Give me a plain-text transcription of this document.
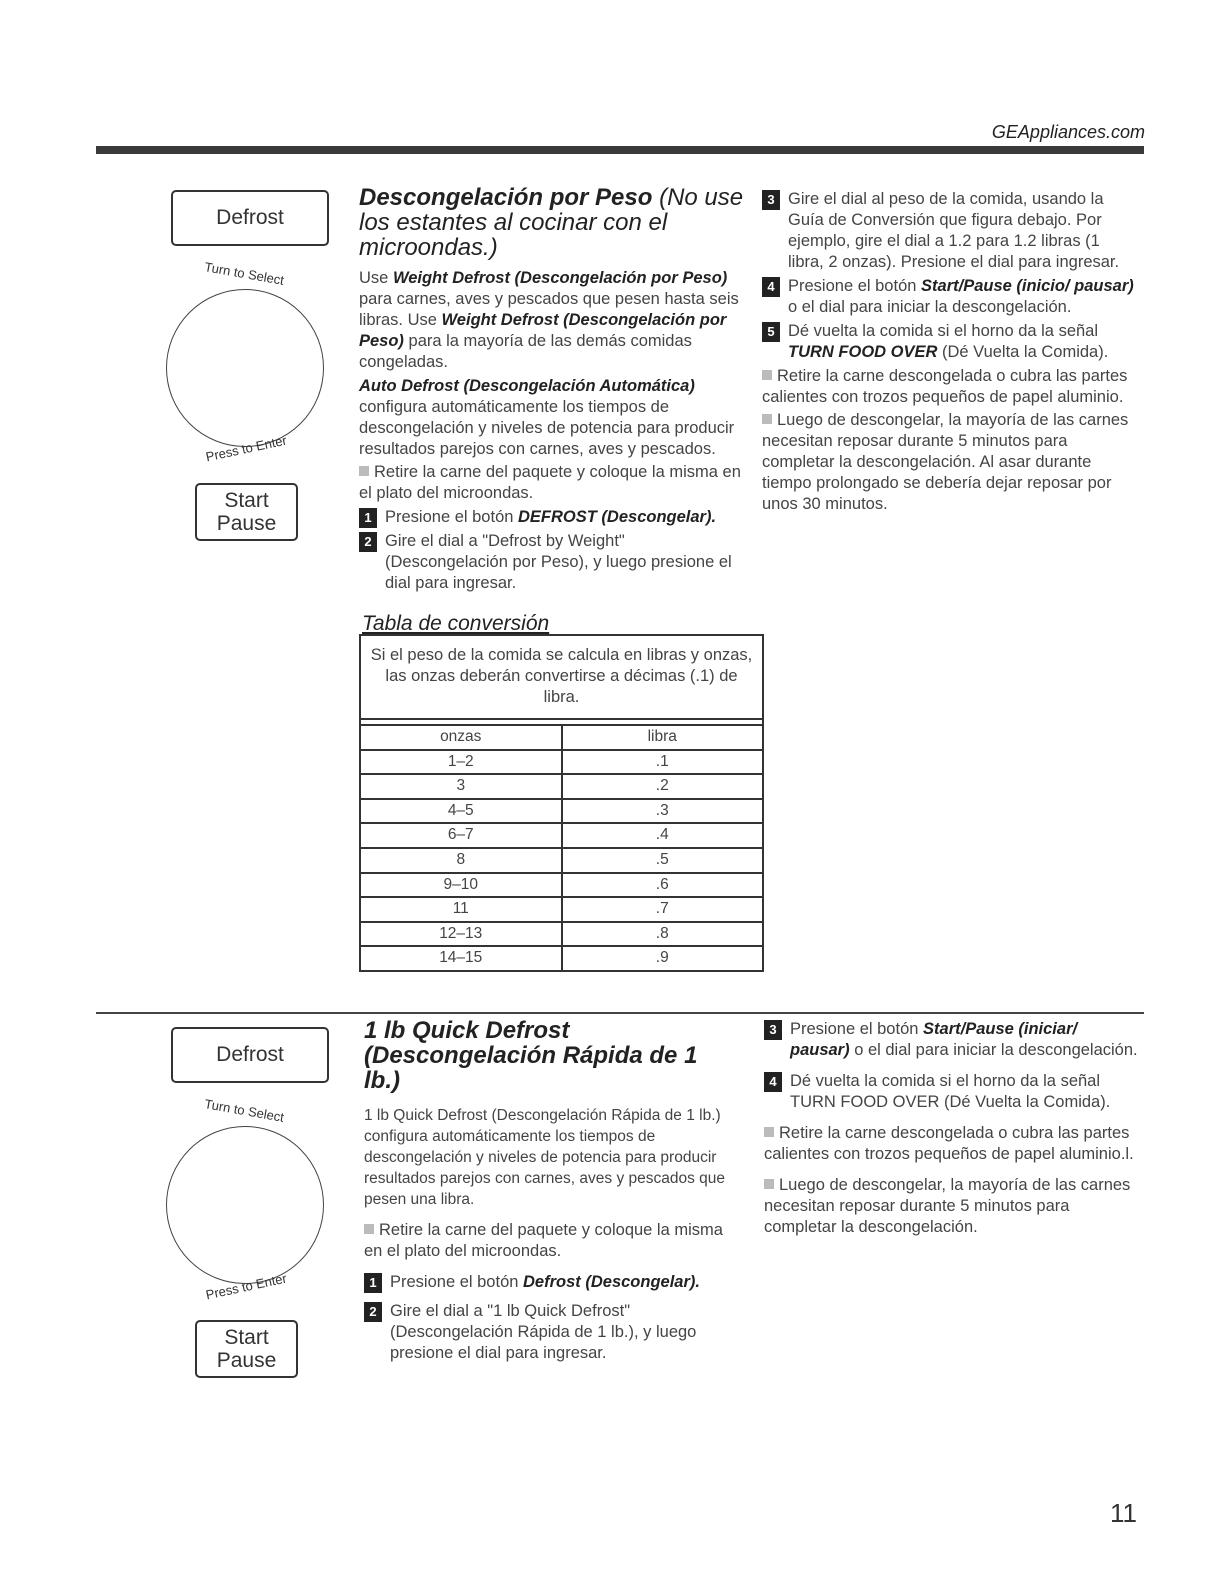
GEAppliances.com
Defrost
Turn to Select
Press to Enter
Start
Pause

Descongelación por Peso (No use los estantes al cocinar con el microondas.)

Use Weight Defrost (Descongelación por Peso) para carnes, aves y pescados que pesen hasta seis libras. Use Weight Defrost (Descongelación por Peso) para la mayoría de las demás comidas congeladas.

Auto Defrost (Descongelación Automática) configura automáticamente los tiempos de descongelación y niveles de potencia para producir resultados parejos con carnes, aves y pescados.

Retire la carne del paquete y coloque la misma en el plato del microondas.

1 Presione el botón DEFROST (Descongelar).
2 Gire el dial a "Defrost by Weight" (Descongelación por Peso), y luego presione el dial para ingresar.
3 Gire el dial al peso de la comida, usando la Guía de Conversión que figura debajo. Por ejemplo, gire el dial a 1.2 para 1.2 libras (1 libra, 2 onzas). Presione el dial para ingresar.
4 Presione el botón Start/Pause (inicio/ pausar) o el dial para iniciar la descongelación.
5 Dé vuelta la comida si el horno da la señal TURN FOOD OVER (Dé Vuelta la Comida).

Retire la carne descongelada o cubra las partes calientes con trozos pequeños de papel aluminio.

Luego de descongelar, la mayoría de las carnes necesitan reposar durante 5 minutos para completar la descongelación. Al asar durante tiempo prolongado se debería dejar reposar por unos 30 minutos.

Tabla de conversión
Si el peso de la comida se calcula en libras y onzas, las onzas deberán convertirse a décimas (.1) de libra.
onzas	libra
1–2	.1
3	.2
4–5	.3
6–7	.4
8	.5
9–10	.6
11	.7
12–13	.8
14–15	.9
Defrost
Turn to Select
Press to Enter
Start
Pause

1 lb Quick Defrost (Descongelación Rápida de 1 lb.)

1 lb Quick Defrost (Descongelación Rápida de 1 lb.) configura automáticamente los tiempos de descongelación y niveles de potencia para producir resultados parejos con carnes, aves y pescados que pesen una libra.

Retire la carne del paquete y coloque la misma en el plato del microondas.

1 Presione el botón Defrost (Descongelar).
2 Gire el dial a "1 lb Quick Defrost" (Descongelación Rápida de 1 lb.), y luego presione el dial para ingresar.
3 Presione el botón Start/Pause (iniciar/ pausar) o el dial para iniciar la descongelación.
4 Dé vuelta la comida si el horno da la señal TURN FOOD OVER (Dé Vuelta la Comida).

Retire la carne descongelada o cubra las partes calientes con trozos pequeños de papel aluminio.l.

Luego de descongelar, la mayoría de las carnes necesitan reposar durante 5 minutos para completar la descongelación.

11
